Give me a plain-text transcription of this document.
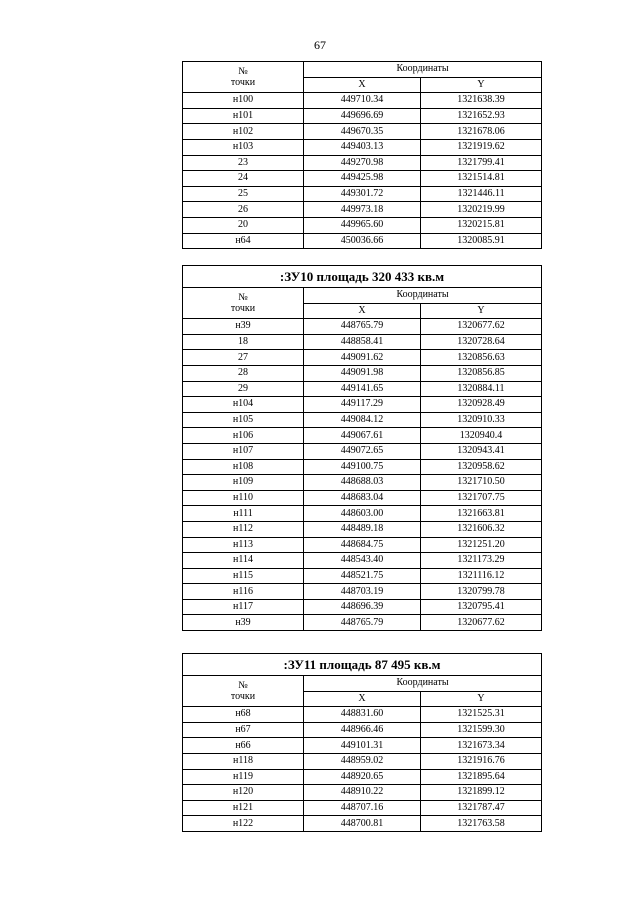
67
№
точки	Координаты	
	X	Y
н100	449710.34	1321638.39
н101	449696.69	1321652.93
н102	449670.35	1321678.06
н103	449403.13	1321919.62
23	449270.98	1321799.41
24	449425.98	1321514.81
25	449301.72	1321446.11
26	449973.18	1320219.99
20	449965.60	1320215.81
н64	450036.66	1320085.91
:ЗУ10 площадь 320 433 кв.м		
№
точки	Координаты	
	X	Y
н39	448765.79	1320677.62
18	448858.41	1320728.64
27	449091.62	1320856.63
28	449091.98	1320856.85
29	449141.65	1320884.11
н104	449117.29	1320928.49
н105	449084.12	1320910.33
н106	449067.61	1320940.4
н107	449072.65	1320943.41
н108	449100.75	1320958.62
н109	448688.03	1321710.50
н110	448683.04	1321707.75
н111	448603.00	1321663.81
н112	448489.18	1321606.32
н113	448684.75	1321251.20
н114	448543.40	1321173.29
н115	448521.75	1321116.12
н116	448703.19	1320799.78
н117	448696.39	1320795.41
н39	448765.79	1320677.62
:ЗУ11 площадь 87 495 кв.м		
№
точки	Координаты	
	X	Y
н68	448831.60	1321525.31
н67	448966.46	1321599.30
н66	449101.31	1321673.34
н118	448959.02	1321916.76
н119	448920.65	1321895.64
н120	448910.22	1321899.12
н121	448707.16	1321787.47
н122	448700.81	1321763.58
